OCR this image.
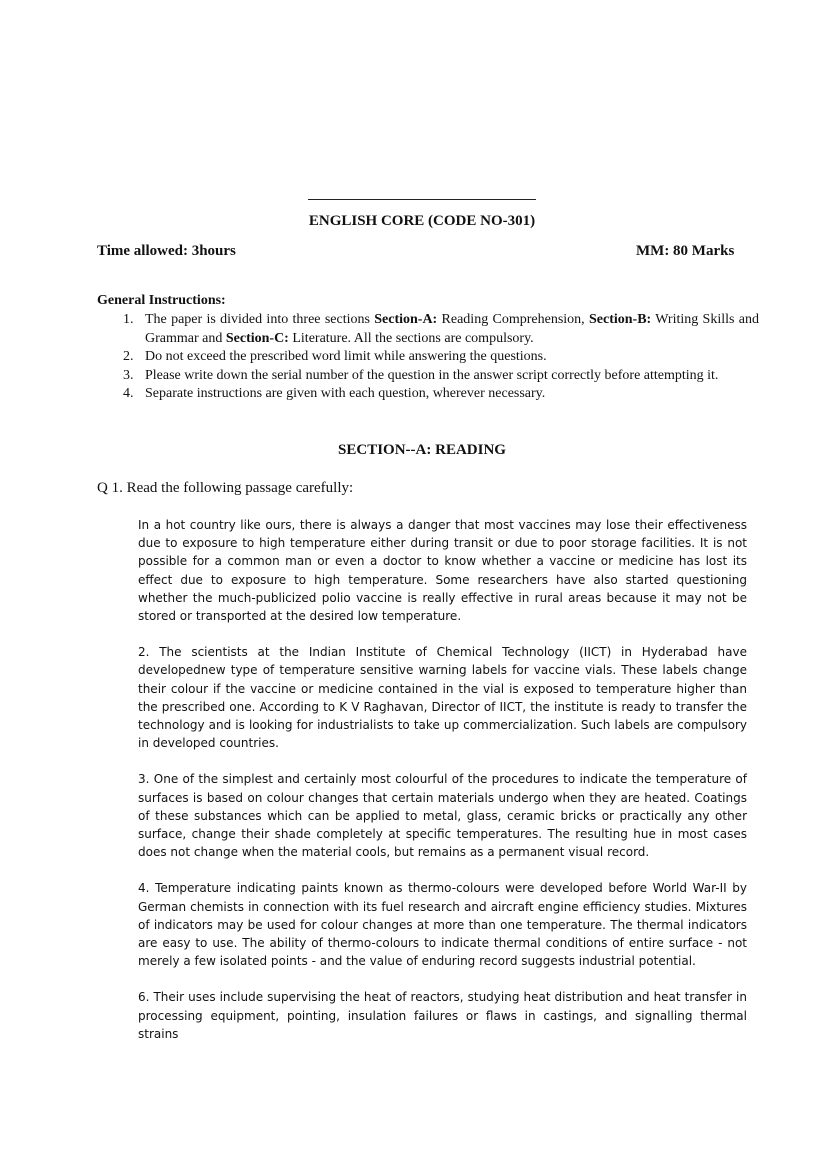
ENGLISH CORE (CODE NO-301)
Time allowed: 3hours	MM: 80 Marks
General Instructions:
1. The paper is divided into three sections Section-A: Reading Comprehension, Section-B: Writing Skills and Grammar and Section-C: Literature. All the sections are compulsory.
2. Do not exceed the prescribed word limit while answering the questions.
3. Please write down the serial number of the question in the answer script correctly before attempting it.
4. Separate instructions are given with each question, wherever necessary.
SECTION--A: READING
Q 1. Read the following passage carefully:

In a hot country like ours, there is always a danger that most vaccines may lose their effectiveness due to exposure to high temperature either during transit or due to poor storage facilities. It is not possible for a common man or even a doctor to know whether a vaccine or medicine has lost its effect due to exposure to high temperature. Some researchers have also started questioning whether the much-publicized polio vaccine is really effective in rural areas because it may not be stored or transported at the desired low temperature.

2. The scientists at the Indian Institute of Chemical Technology (IICT) in Hyderabad have developednew type of temperature sensitive warning labels for vaccine vials. These labels change their colour if the vaccine or medicine contained in the vial is exposed to temperature higher than the prescribed one. According to K V Raghavan, Director of IICT, the institute is ready to transfer the technology and is looking for industrialists to take up commercialization. Such labels are compulsory in developed countries.

3. One of the simplest and certainly most colourful of the procedures to indicate the temperature of surfaces is based on colour changes that certain materials undergo when they are heated. Coatings of these substances which can be applied to metal, glass, ceramic bricks or practically any other surface, change their shade completely at specific temperatures. The resulting hue in most cases does not change when the material cools, but remains as a permanent visual record.

4. Temperature indicating paints known as thermo-colours were developed before World War-II by German chemists in connection with its fuel research and aircraft engine efficiency studies. Mixtures of indicators may be used for colour changes at more than one temperature. The thermal indicators are easy to use. The ability of thermo-colours to indicate thermal conditions of entire surface - not merely a few isolated points - and the value of enduring record suggests industrial potential.

6. Their uses include supervising the heat of reactors, studying heat distribution and heat transfer in processing equipment, pointing, insulation failures or flaws in castings, and signalling thermal strains
